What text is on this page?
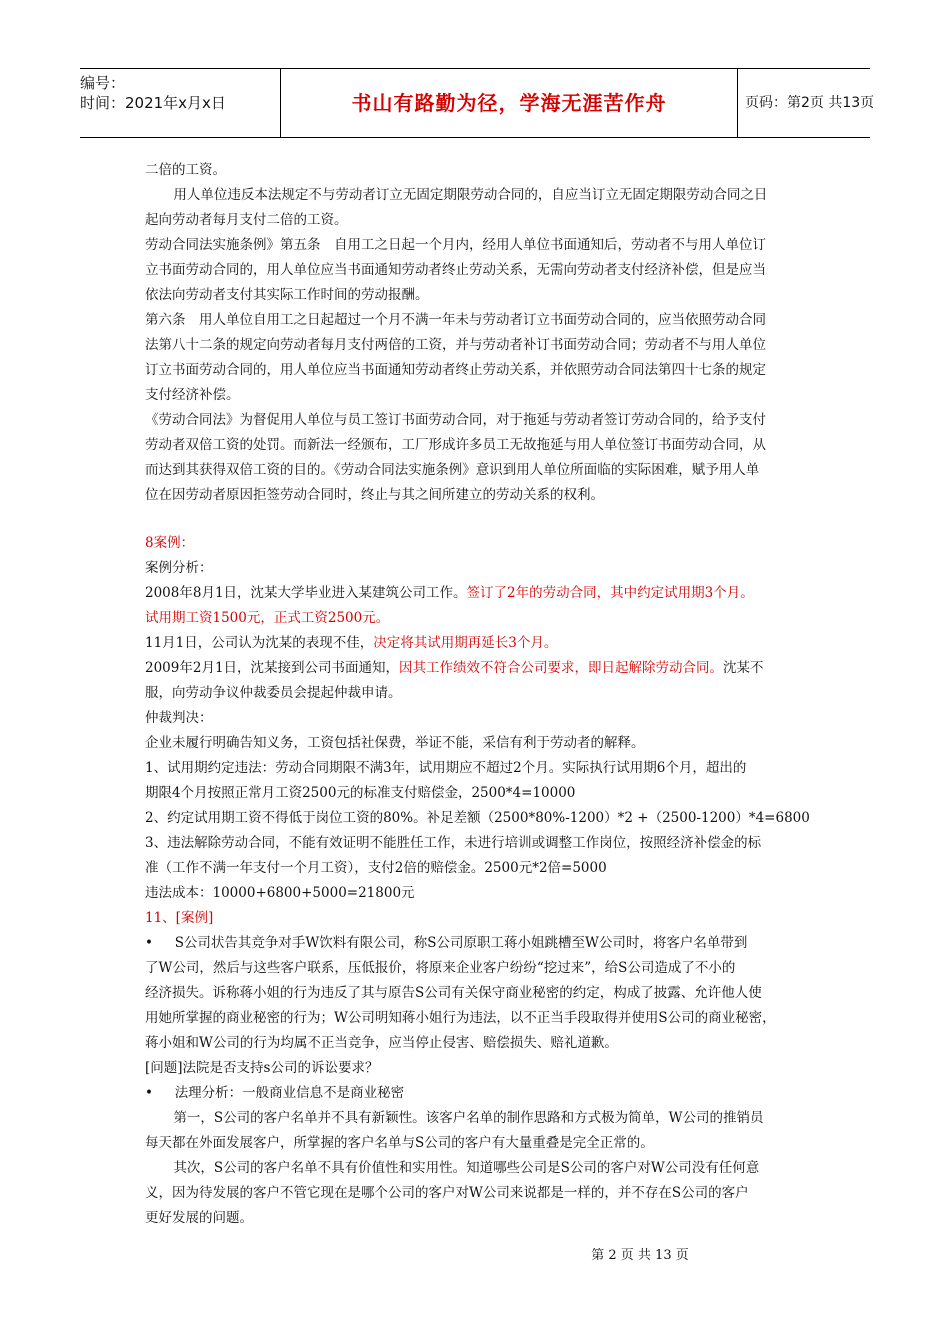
编号：
时间：2021年x月x日	书山有路勤为径，学海无涯苦作舟	页码：第2页 共13页
二倍的工资。
用人单位违反本法规定不与劳动者订立无固定期限劳动合同的，自应当订立无固定期限劳动合同之日
起向劳动者每月支付二倍的工资。
劳动合同法实施条例》第五条　自用工之日起一个月内，经用人单位书面通知后，劳动者不与用人单位订
立书面劳动合同的，用人单位应当书面通知劳动者终止劳动关系，无需向劳动者支付经济补偿，但是应当
依法向劳动者支付其实际工作时间的劳动报酬。
第六条　用人单位自用工之日起超过一个月不满一年未与劳动者订立书面劳动合同的，应当依照劳动合同
法第八十二条的规定向劳动者每月支付两倍的工资，并与劳动者补订书面劳动合同；劳动者不与用人单位
订立书面劳动合同的，用人单位应当书面通知劳动者终止劳动关系，并依照劳动合同法第四十七条的规定
支付经济补偿。
《劳动合同法》为督促用人单位与员工签订书面劳动合同，对于拖延与劳动者签订劳动合同的，给予支付
劳动者双倍工资的处罚。而新法一经颁布，工厂形成许多员工无故拖延与用人单位签订书面劳动合同，从
而达到其获得双倍工资的目的。《劳动合同法实施条例》意识到用人单位所面临的实际困难，赋予用人单
位在因劳动者原因拒签劳动合同时，终止与其之间所建立的劳动关系的权利。
8案例：
案例分析：
2008年8月1日，沈某大学毕业进入某建筑公司工作。签订了2年的劳动合同，其中约定试用期3个月。
试用期工资1500元，正式工资2500元。
11月1日，公司认为沈某的表现不佳，决定将其试用期再延长3个月。
2009年2月1日，沈某接到公司书面通知，因其工作绩效不符合公司要求，即日起解除劳动合同。沈某不
服，向劳动争议仲裁委员会提起仲裁申请。
仲裁判决：
企业未履行明确告知义务，工资包括社保费，举证不能，采信有利于劳动者的解释。
1、试用期约定违法：劳动合同期限不满3年，试用期应不超过2个月。实际执行试用期6个月，超出的
期限4个月按照正常月工资2500元的标准支付赔偿金，2500*4=10000
2、约定试用期工资不得低于岗位工资的80%。补足差额（2500*80%-1200）*2 +（2500-1200）*4=6800
3、违法解除劳动合同，不能有效证明不能胜任工作，未进行培训或调整工作岗位，按照经济补偿金的标
准（工作不满一年支付一个月工资），支付2倍的赔偿金。2500元*2倍=5000
违法成本：10000+6800+5000=21800元
11、[案例]
• S公司状告其竞争对手W饮料有限公司，称S公司原职工蒋小姐跳槽至W公司时，将客户名单带到
了W公司，然后与这些客户联系，压低报价，将原来企业客户纷纷“挖过来”，给S公司造成了不小的
经济损失。诉称蒋小姐的行为违反了其与原告S公司有关保守商业秘密的约定，构成了披露、允许他人使
用她所掌握的商业秘密的行为；W公司明知蒋小姐行为违法，以不正当手段取得并使用S公司的商业秘密，
蒋小姐和W公司的行为均属不正当竞争，应当停止侵害、赔偿损失、赔礼道歉。
[问题]法院是否支持s公司的诉讼要求？
• 法理分析：一般商业信息不是商业秘密
第一，S公司的客户名单并不具有新颖性。该客户名单的制作思路和方式极为简单，W公司的推销员
每天都在外面发展客户，所掌握的客户名单与S公司的客户有大量重叠是完全正常的。
其次，S公司的客户名单不具有价值性和实用性。知道哪些公司是S公司的客户对W公司没有任何意
义，因为待发展的客户不管它现在是哪个公司的客户对W公司来说都是一样的，并不存在S公司的客户
更好发展的问题。
第 2 页 共 13 页
